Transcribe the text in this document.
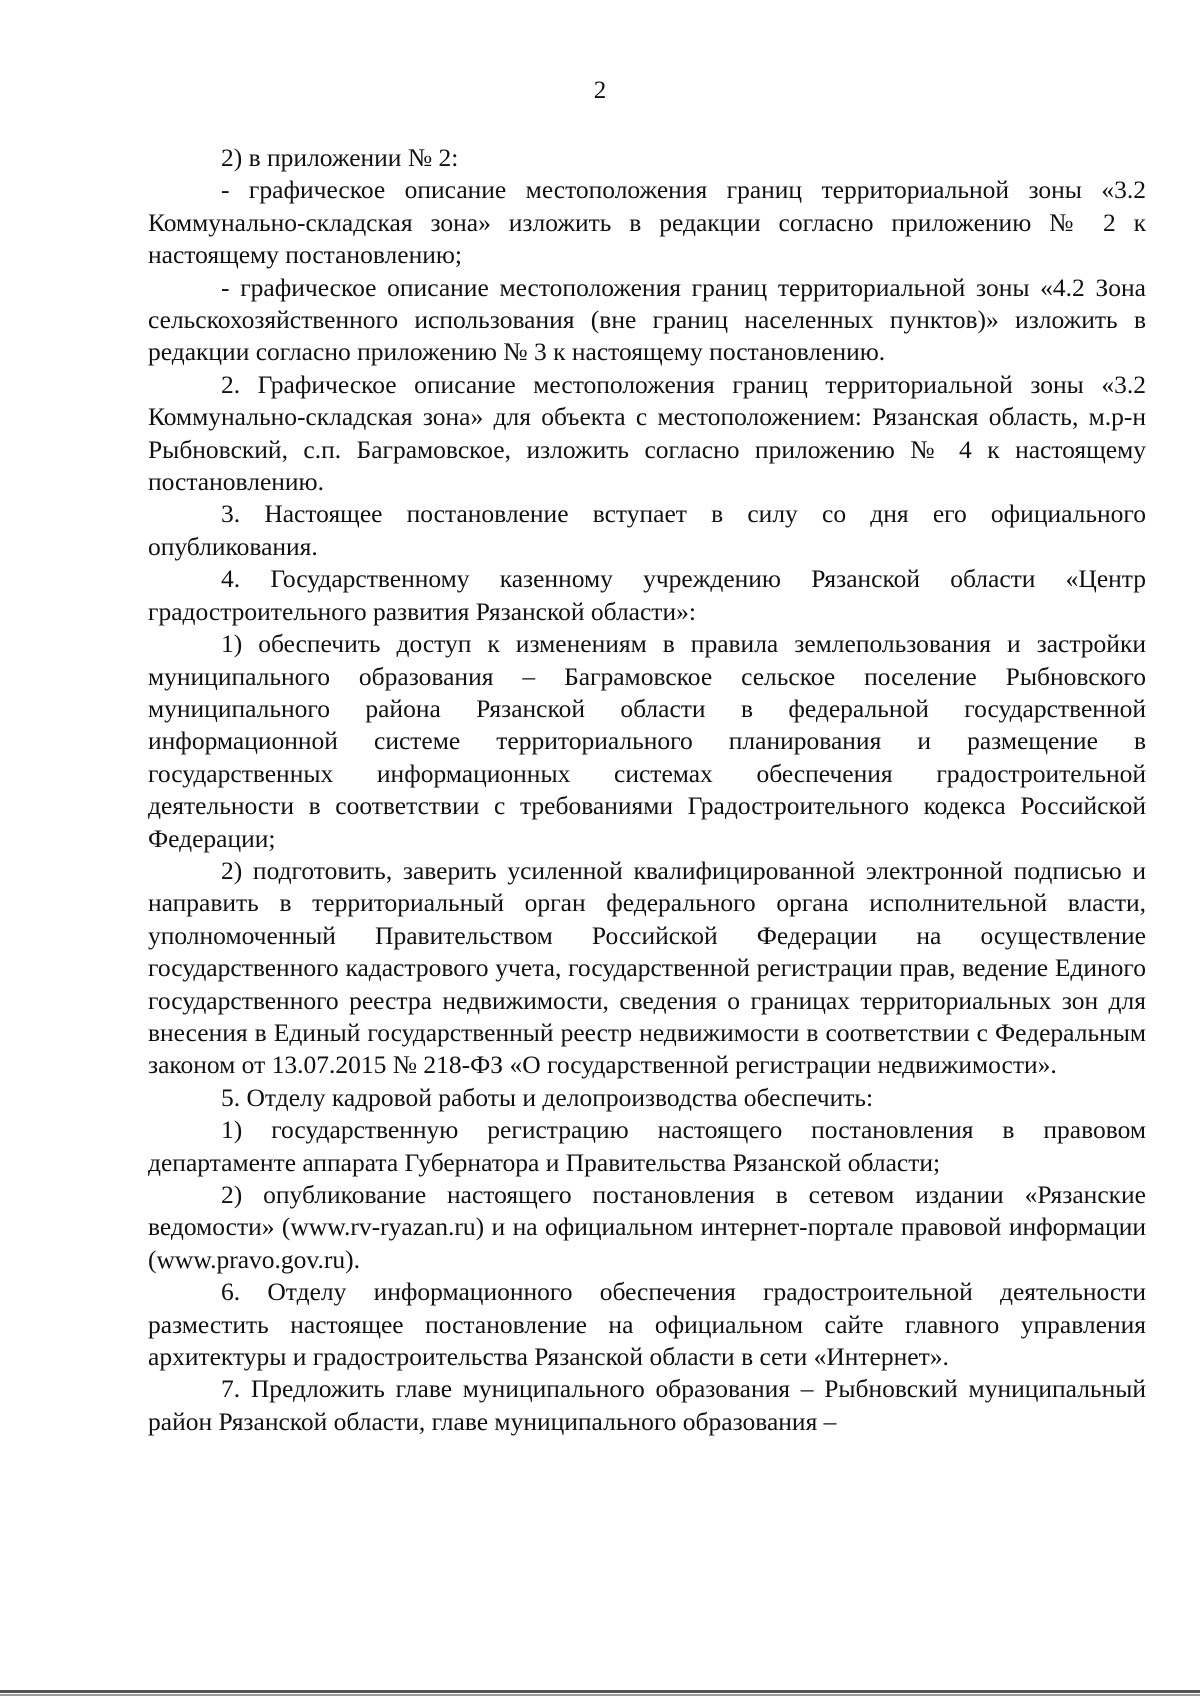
2

2) в приложении № 2:

- графическое описание местоположения границ территориальной зоны «3.2 Коммунально-складская зона» изложить в редакции согласно приложению № 2 к настоящему постановлению;

- графическое описание местоположения границ территориальной зоны «4.2 Зона сельскохозяйственного использования (вне границ населенных пунктов)» изложить в редакции согласно приложению № 3 к настоящему постановлению.

2. Графическое описание местоположения границ территориальной зоны «3.2 Коммунально-складская зона» для объекта с местоположением: Рязанская область, м.р-н Рыбновский, с.п. Баграмовское, изложить согласно приложению № 4 к настоящему постановлению.

3. Настоящее постановление вступает в силу со дня его официального опубликования.

4. Государственному казенному учреждению Рязанской области «Центр градостроительного развития Рязанской области»:

1) обеспечить доступ к изменениям в правила землепользования и застройки муниципального образования – Баграмовское сельское поселение Рыбновского муниципального района Рязанской области в федеральной государственной информационной системе территориального планирования и размещение в государственных информационных системах обеспечения градостроительной деятельности в соответствии с требованиями Градостроительного кодекса Российской Федерации;

2) подготовить, заверить усиленной квалифицированной электронной подписью и направить в территориальный орган федерального органа исполнительной власти, уполномоченный Правительством Российской Федерации на осуществление государственного кадастрового учета, государственной регистрации прав, ведение Единого государственного реестра недвижимости, сведения о границах территориальных зон для внесения в Единый государственный реестр недвижимости в соответствии с Федеральным законом от 13.07.2015 № 218-ФЗ «О государственной регистрации недвижимости».

5. Отделу кадровой работы и делопроизводства обеспечить:

1) государственную регистрацию настоящего постановления в правовом департаменте аппарата Губернатора и Правительства Рязанской области;

2) опубликование настоящего постановления в сетевом издании «Рязанские ведомости» (www.rv-ryazan.ru) и на официальном интернет-портале правовой информации (www.pravo.gov.ru).

6. Отделу информационного обеспечения градостроительной деятельности разместить настоящее постановление на официальном сайте главного управления архитектуры и градостроительства Рязанской области в сети «Интернет».

7. Предложить главе муниципального образования – Рыбновский муниципальный район Рязанской области, главе муниципального образования –
